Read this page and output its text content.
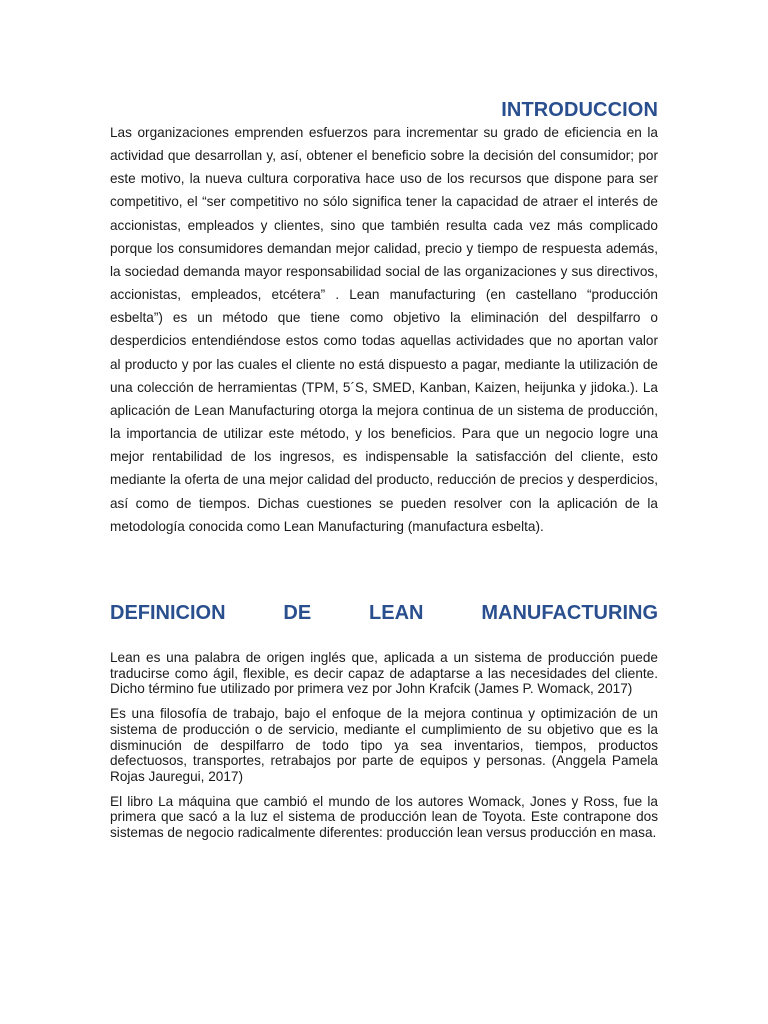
INTRODUCCION

Las organizaciones emprenden esfuerzos para incrementar su grado de eficiencia en la actividad que desarrollan y, así, obtener el beneficio sobre la decisión del consumidor; por este motivo, la nueva cultura corporativa hace uso de los recursos que dispone para ser competitivo, el “ser competitivo no sólo significa tener la capacidad de atraer el interés de accionistas, empleados y clientes, sino que también resulta cada vez más complicado porque los consumidores demandan mejor calidad, precio y tiempo de respuesta además, la sociedad demanda mayor responsabilidad social de las organizaciones y sus directivos, accionistas, empleados, etcétera” . Lean manufacturing (en castellano “producción esbelta”) es un método que tiene como objetivo la eliminación del despilfarro o desperdicios entendiéndose estos como todas aquellas actividades que no aportan valor al producto y por las cuales el cliente no está dispuesto a pagar, mediante la utilización de una colección de herramientas (TPM, 5´S, SMED, Kanban, Kaizen, heijunka y jidoka.). La aplicación de Lean Manufacturing otorga la mejora continua de un sistema de producción, la importancia de utilizar este método, y los beneficios. Para que un negocio logre una mejor rentabilidad de los ingresos, es indispensable la satisfacción del cliente, esto mediante la oferta de una mejor calidad del producto, reducción de precios y desperdicios, así como de tiempos. Dichas cuestiones se pueden resolver con la aplicación de la metodología conocida como Lean Manufacturing (manufactura esbelta).

DEFINICION DE LEAN MANUFACTURING

Lean es una palabra de origen inglés que, aplicada a un sistema de producción puede traducirse como ágil, flexible, es decir capaz de adaptarse a las necesidades del cliente. Dicho término fue utilizado por primera vez por John Krafcik (James P. Womack, 2017)

Es una filosofía de trabajo, bajo el enfoque de la mejora continua y optimización de un sistema de producción o de servicio, mediante el cumplimiento de su objetivo que es la disminución de despilfarro de todo tipo ya sea inventarios, tiempos, productos defectuosos, transportes, retrabajos por parte de equipos y personas. (Anggela Pamela Rojas Jauregui, 2017)

El libro La máquina que cambió el mundo de los autores Womack, Jones y Ross, fue la primera que sacó a la luz el sistema de producción lean de Toyota. Este contrapone dos sistemas de negocio radicalmente diferentes: producción lean versus producción en masa.
